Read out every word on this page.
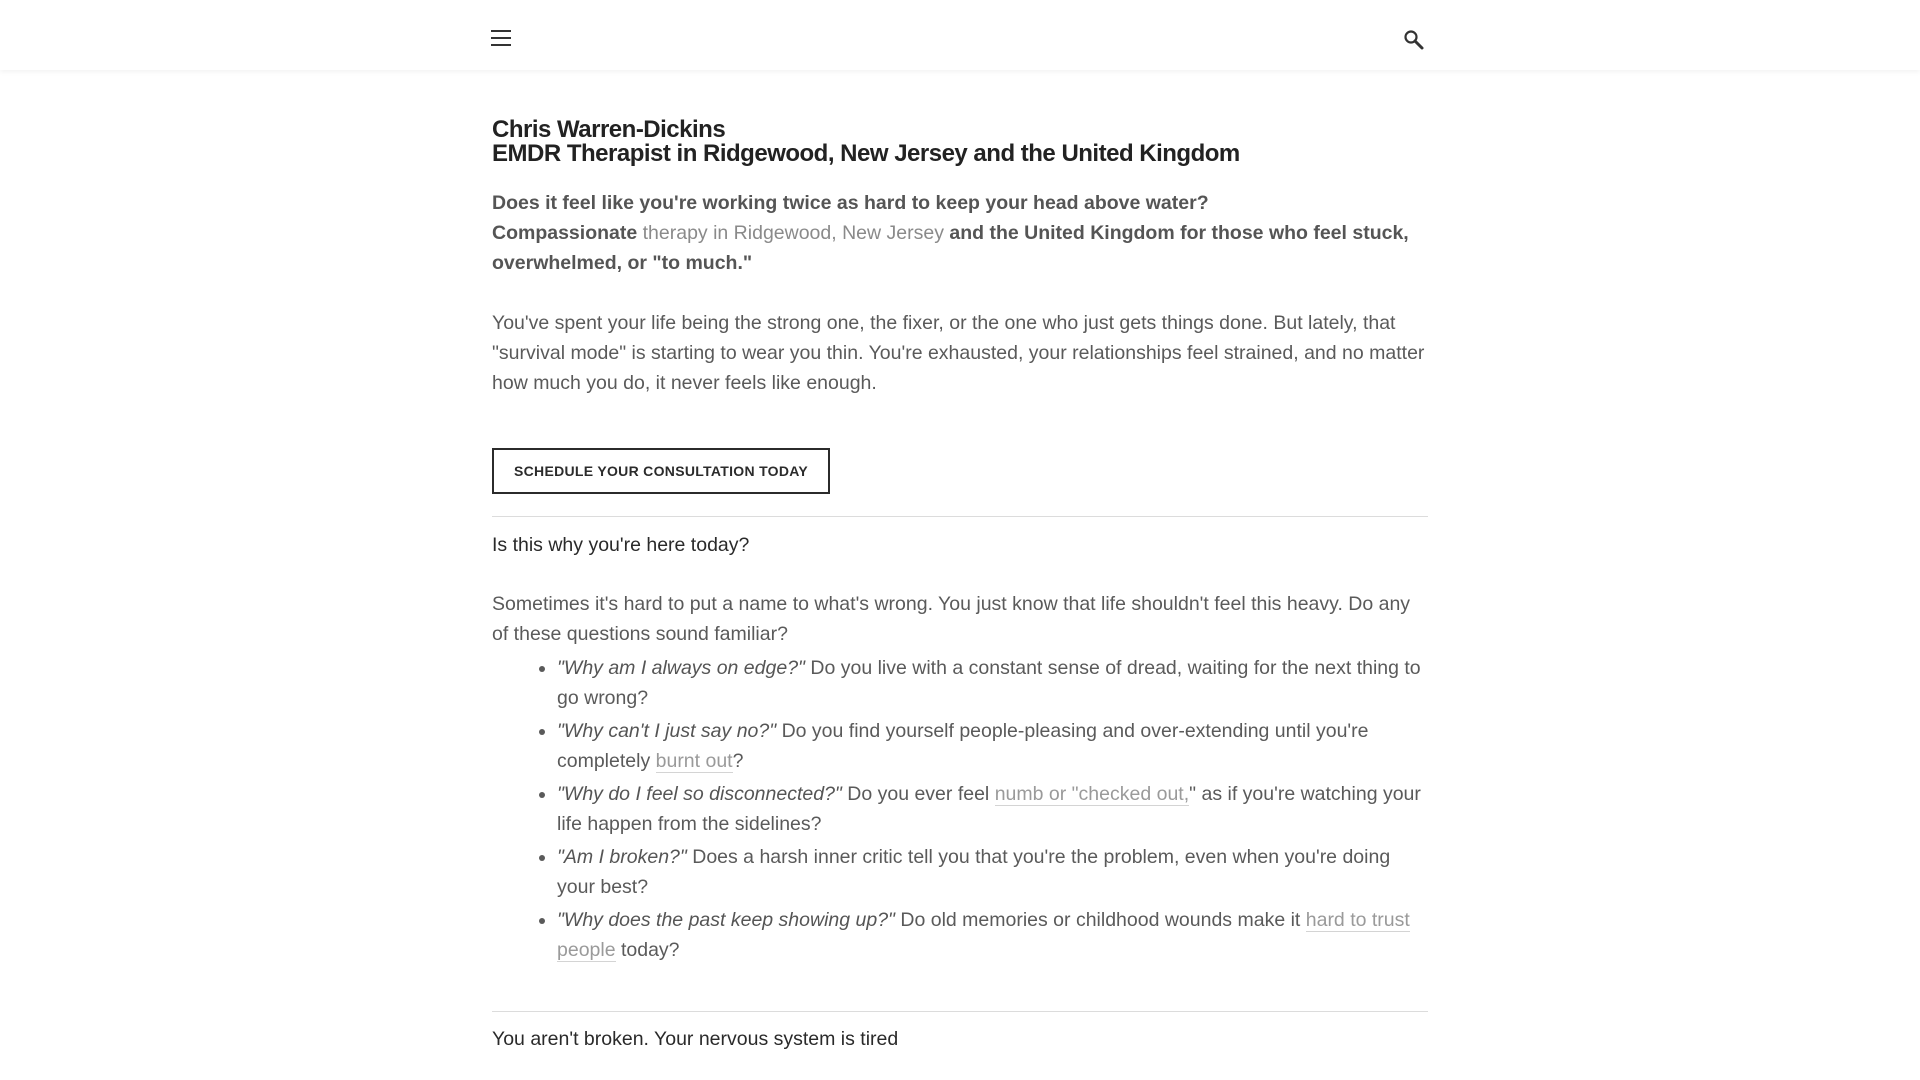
Chris Warren-Dickins
EMDR Therapist in Ridgewood, New Jersey and the United Kingdom
Does it feel like you're working twice as hard to keep your head above water?
Compassionate therapy in Ridgewood, New Jersey and the United Kingdom for those who feel stuck, overwhelmed, or "to much."
You've spent your life being the strong one, the fixer, or the one who just gets things done. But lately, that "survival mode" is starting to wear you thin. You're exhausted, your relationships feel strained, and no matter how much you do, it never feels like enough.
SCHEDULE YOUR CONSULTATION TODAY
Is this why you're here today?
Sometimes it's hard to put a name to what's wrong. You just know that life shouldn't feel this heavy. Do any of these questions sound familiar?
• "Why am I always on edge?" Do you live with a constant sense of dread, waiting for the next thing to go wrong?
• "Why can't I just say no?" Do you find yourself people-pleasing and over-extending until you're completely burnt out?
• "Why do I feel so disconnected?" Do you ever feel numb or "checked out," as if you're watching your life happen from the sidelines?
• "Am I broken?" Does a harsh inner critic tell you that you're the problem, even when you're doing your best?
• "Why does the past keep showing up?" Do old memories or childhood wounds make it hard to trust people today?
You aren't broken. Your nervous system is tired
